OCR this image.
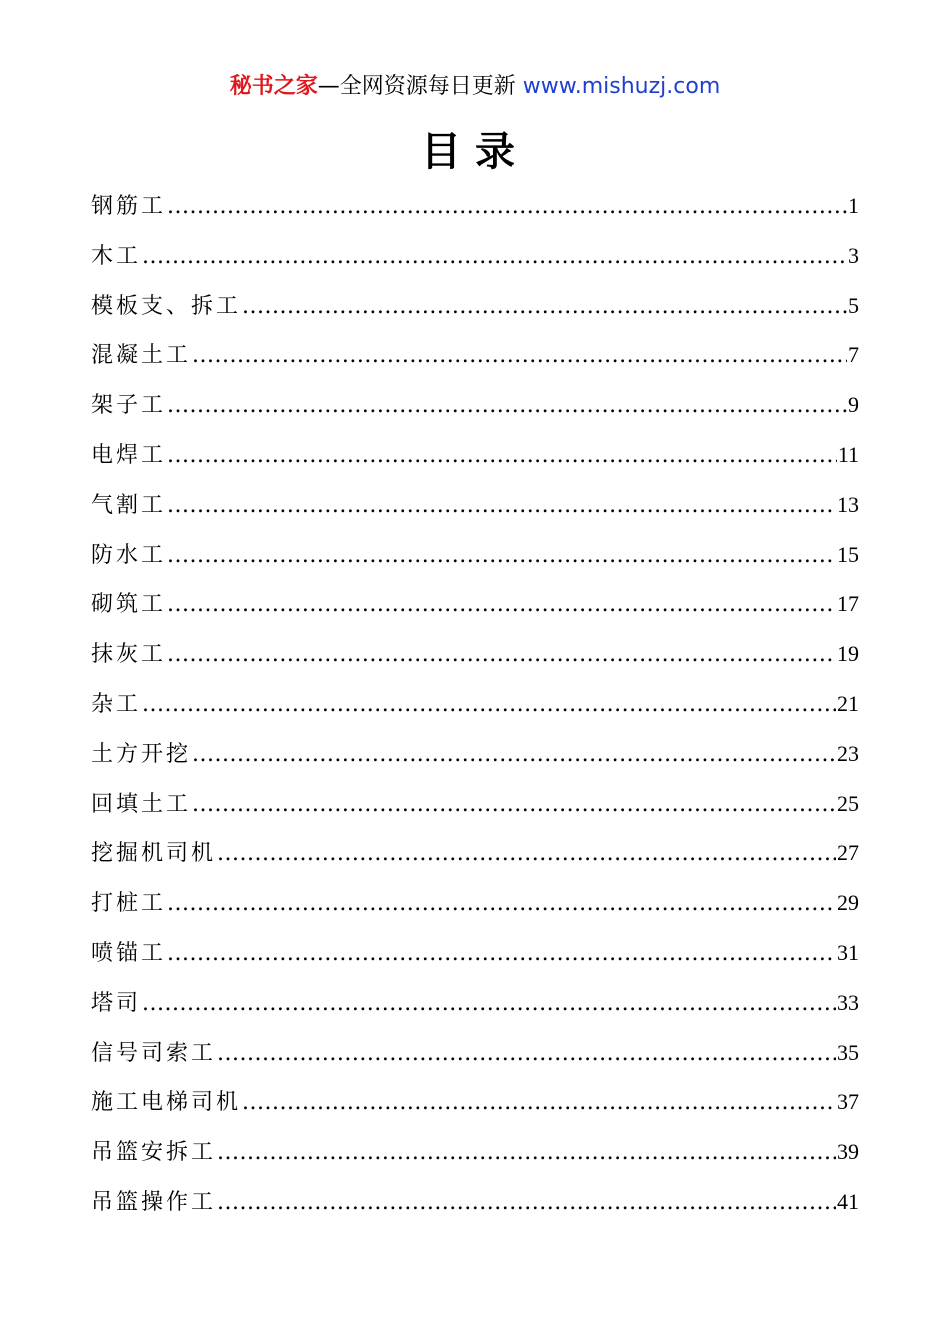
秘书之家—全网资源每日更新 www.mishuzj.com
目录
钢筋工 .....	1
木工 .....	3
模板支、拆工 .....	5
混凝土工 .....	7
架子工 .....	9
电焊工 .....	11
气割工 .....	13
防水工 .....	15
砌筑工 .....	17
抹灰工 .....	19
杂工 .....	21
土方开挖 .....	23
回填土工 .....	25
挖掘机司机 .....	27
打桩工 .....	29
喷锚工 .....	31
塔司 .....	33
信号司索工 .....	35
施工电梯司机 .....	37
吊篮安拆工 .....	39
吊篮操作工 .....	41
